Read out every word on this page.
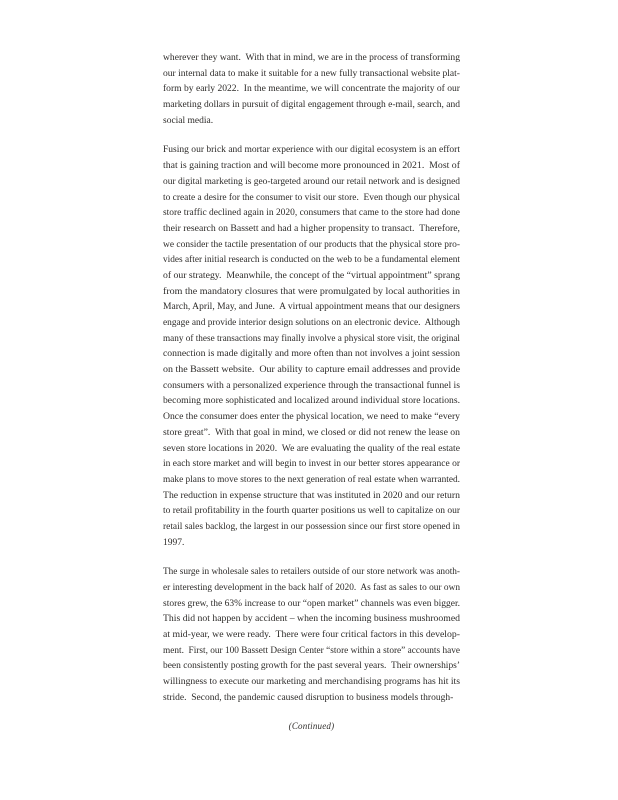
wherever they want.  With that in mind, we are in the process of transforming
our internal data to make it suitable for a new fully transactional website plat-
form by early 2022.  In the meantime, we will concentrate the majority of our
marketing dollars in pursuit of digital engagement through e-mail, search, and
social media.
Fusing our brick and mortar experience with our digital ecosystem is an effort
that is gaining traction and will become more pronounced in 2021.  Most of
our digital marketing is geo-targeted around our retail network and is designed
to create a desire for the consumer to visit our store.  Even though our physical
store traffic declined again in 2020, consumers that came to the store had done
their research on Bassett and had a higher propensity to transact.  Therefore,
we consider the tactile presentation of our products that the physical store pro-
vides after initial research is conducted on the web to be a fundamental element
of our strategy.  Meanwhile, the concept of the “virtual appointment” sprang
from the mandatory closures that were promulgated by local authorities in
March, April, May, and June.  A virtual appointment means that our designers
engage and provide interior design solutions on an electronic device.  Although
many of these transactions may finally involve a physical store visit, the original
connection is made digitally and more often than not involves a joint session
on the Bassett website.  Our ability to capture email addresses and provide
consumers with a personalized experience through the transactional funnel is
becoming more sophisticated and localized around individual store locations.
Once the consumer does enter the physical location, we need to make “every
store great”.  With that goal in mind, we closed or did not renew the lease on
seven store locations in 2020.  We are evaluating the quality of the real estate
in each store market and will begin to invest in our better stores appearance or
make plans to move stores to the next generation of real estate when warranted.
The reduction in expense structure that was instituted in 2020 and our return
to retail profitability in the fourth quarter positions us well to capitalize on our
retail sales backlog, the largest in our possession since our first store opened in
1997.
The surge in wholesale sales to retailers outside of our store network was anoth-
er interesting development in the back half of 2020.  As fast as sales to our own
stores grew, the 63% increase to our “open market” channels was even bigger.
This did not happen by accident – when the incoming business mushroomed
at mid-year, we were ready.  There were four critical factors in this develop-
ment.  First, our 100 Bassett Design Center “store within a store” accounts have
been consistently posting growth for the past several years.  Their ownerships’
willingness to execute our marketing and merchandising programs has hit its
stride.  Second, the pandemic caused disruption to business models through-
(Continued)
